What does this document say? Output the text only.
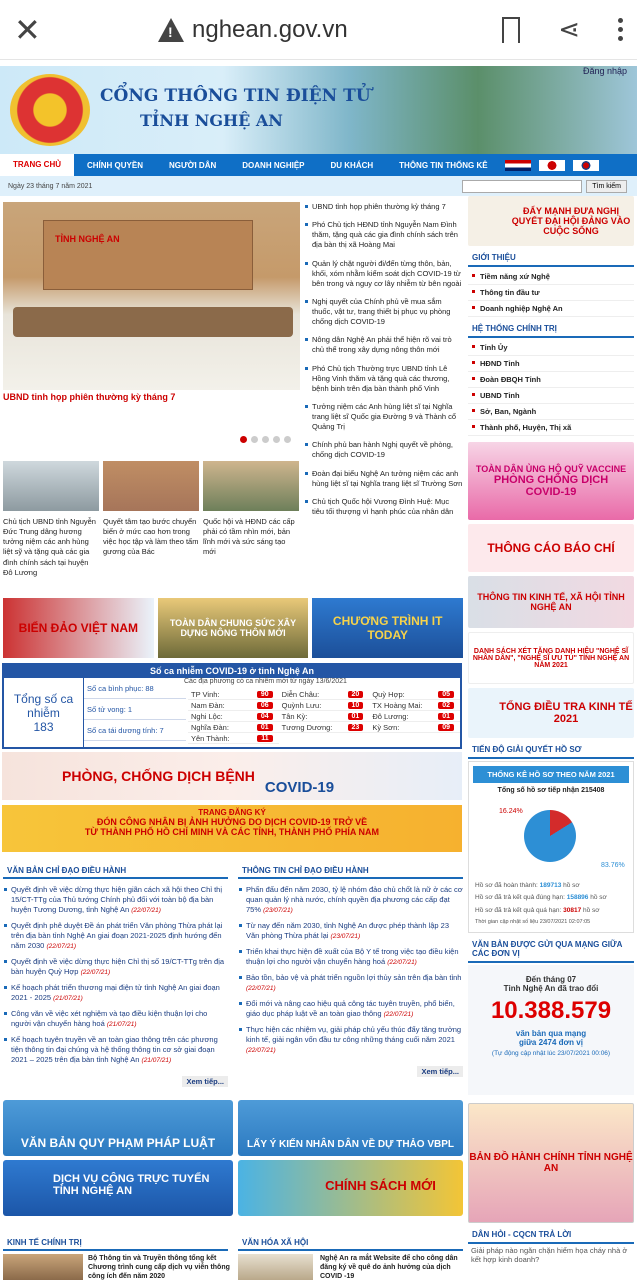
✕
!	nghean.gov.vn	⋖
CỔNG THÔNG TIN ĐIỆN TỬ
TỈNH NGHỆ AN
Đăng nhập
TRANG CHỦ	CHÍNH QUYỀN	NGƯỜI DÂN	DOANH NGHIỆP	DU KHÁCH	THÔNG TIN THỐNG KÊ
Ngày 23 tháng 7 năm 2021	Tìm kiếm
TỈNH NGHỆ AN
UBND tỉnh họp phiên thường kỳ tháng 7

Chủ tịch UBND tỉnh Nguyễn Đức Trung dâng hương tưởng niệm các anh hùng liệt sỹ và tặng quà các gia đình chính sách tại huyện Đô Lương

Quyết tâm tạo bước chuyển biến ở mức cao hơn trong việc học tập và làm theo tấm gương của Bác

Quốc hội và HĐND các cấp phải có tầm nhìn mới, bản lĩnh mới và sức sáng tạo mới

UBND tỉnh họp phiên thường kỳ tháng 7
Phó Chủ tịch HĐND tỉnh Nguyễn Nam Đình thăm, tặng quà các gia đình chính sách trên địa bàn thị xã Hoàng Mai
Quản lý chặt người đi/đến từng thôn, bản, khối, xóm nhằm kiểm soát dịch COVID-19 từ bên trong và nguy cơ lây nhiễm từ bên ngoài
Nghị quyết của Chính phủ về mua sắm thuốc, vật tư, trang thiết bị phục vụ phòng chống dịch COVID-19
Nông dân Nghệ An phải thể hiện rõ vai trò chủ thể trong xây dựng nông thôn mới
Phó Chủ tịch Thường trực UBND tỉnh Lê Hồng Vinh thăm và tặng quà các thương, bệnh binh trên địa bàn thành phố Vinh
Tưởng niệm các Anh hùng liệt sĩ tại Nghĩa trang liệt sĩ Quốc gia Đường 9 và Thành cổ Quảng Trị
Chính phủ ban hành Nghị quyết về phòng, chống dịch COVID-19
Đoàn đại biểu Nghệ An tưởng niệm các anh hùng liệt sĩ tại Nghĩa trang liệt sĩ Trường Sơn
Chủ tịch Quốc hội Vương Đình Huệ: Mục tiêu tối thượng vì hạnh phúc của nhân dân
ĐẨY MẠNH ĐƯA NGHỊ QUYẾT ĐẠI HỘI ĐẢNG VÀO CUỘC SỐNG
GIỚI THIỆU
Tiềm năng xứ Nghệ
Thông tin đầu tư
Doanh nghiệp Nghệ An
HỆ THỐNG CHÍNH TRỊ
Tỉnh Ủy
HĐND Tỉnh
Đoàn ĐBQH Tỉnh
UBND Tỉnh
Sở, Ban, Ngành
Thành phố, Huyện, Thị xã
TOÀN DÂN ỦNG HỘ QUỸ VACCINE
PHÒNG CHỐNG DỊCH
COVID-19
THÔNG CÁO BÁO CHÍ
THÔNG TIN KINH TẾ, XÃ HỘI TỈNH NGHỆ AN
DANH SÁCH XÉT TẶNG DANH HIỆU "NGHỆ SĨ NHÂN DÂN", "NGHỆ SĨ ƯU TÚ" TỈNH NGHỆ AN NĂM 2021
TỔNG ĐIỀU TRA KINH TẾ 2021
TIẾN ĐỘ GIẢI QUYẾT HỒ SƠ
THỐNG KÊ HỒ SƠ THEO NĂM 2021
Tổng số hồ sơ tiếp nhận 215408
16.24%
83.76%
Hồ sơ đã hoàn thành: 189713 hồ sơ
Hồ sơ đã trả kết quả đúng hạn: 158896 hồ sơ
Hồ sơ đã trả kết quả quá hạn: 30817 hồ sơ
Thời gian cập nhật số liệu 23/07/2021 02:07:05
VĂN BẢN ĐƯỢC GỬI QUA MẠNG GIỮA CÁC ĐƠN VỊ
Đến tháng 07
Tỉnh Nghệ An đã trao đổi
10.388.579
văn bản qua mạng
giữa 2474 đơn vị
(Tự động cập nhật lúc 23/07/2021 00:06)
BẢN ĐỒ HÀNH CHÍNH TỈNH NGHỆ AN
DÂN HỎI - CQCN TRẢ LỜI
Giải pháp nào ngăn chặn hiểm họa cháy nhà ở kết hợp kinh doanh?
BIỂN ĐẢO VIỆT NAM	TOÀN DÂN CHUNG SỨC XÂY DỰNG NÔNG THÔN MỚI
CHƯƠNG TRÌNH IT TODAY
Số ca nhiễm COVID-19 ở tỉnh Nghệ An
Các địa phương có ca nhiễm mới từ ngày 13/6/2021
Tổng số ca nhiễm
183
Số ca bình phục: 88
Số tử vong: 1
Số ca tái dương tính: 7
TP Vinh:	90	Diễn Châu:	20	Quỳ Hợp:	05
Nam Đàn:	06	Quỳnh Lưu:	10	TX Hoàng Mai:	02
Nghi Lộc:	04	Tân Kỳ:	01	Đô Lương:	01
Nghĩa Đàn:	01	Tương Dương:	23	Kỳ Sơn:	09
Yên Thành:	11
PHÒNG, CHỐNG DỊCH BỆNH
COVID-19
TRANG ĐĂNG KÝ
ĐÓN CÔNG NHÂN BỊ ẢNH HƯỞNG DO DỊCH COVID-19 TRỞ VỀ
TỪ THÀNH PHỐ HỒ CHÍ MINH VÀ CÁC TỈNH, THÀNH PHỐ PHÍA NAM
VĂN BẢN CHỈ ĐẠO ĐIỀU HÀNH
Quyết định về việc dừng thực hiện giãn cách xã hội theo Chỉ thị 15/CT-TTg của Thủ tướng Chính phủ đối với toàn bộ địa bàn huyện Tương Dương, tỉnh Nghệ An (22/07/21)
Quyết định phê duyệt Đề án phát triển Văn phòng Thừa phát lại trên địa bàn tỉnh Nghệ An giai đoạn 2021-2025 định hướng đến năm 2030 (22/07/21)
Quyết định về việc dừng thực hiện Chỉ thị số 19/CT-TTg trên địa bàn huyện Quỳ Hợp (22/07/21)
Kế hoạch phát triển thương mại điện tử tỉnh Nghệ An giai đoạn 2021 - 2025 (21/07/21)
Công văn về việc xét nghiệm và tạo điều kiện thuận lợi cho người vận chuyển hàng hoá (21/07/21)
Kế hoạch tuyên truyền về an toàn giao thông trên các phương tiện thông tin đại chúng và hệ thống thông tin cơ sở giai đoạn 2021 – 2025 trên địa bàn tỉnh Nghệ An (21/07/21)
Xem tiếp...
THÔNG TIN CHỈ ĐẠO ĐIỀU HÀNH
Phấn đấu đến năm 2030, tỷ lệ nhóm đảo chủ chốt là nữ ở các cơ quan quản lý nhà nước, chính quyền địa phương các cấp đạt 75% (23/07/21)
Từ nay đến năm 2030, tỉnh Nghệ An được phép thành lập 23 Văn phòng Thừa phát lại (23/07/21)
Triển khai thực hiện đề xuất của Bộ Y tế trong việc tạo điều kiện thuận lợi cho người vận chuyển hàng hoá (22/07/21)
Bảo tồn, bảo vệ và phát triển nguồn lợi thủy sản trên địa bàn tỉnh (22/07/21)
Đổi mới và nâng cao hiệu quả công tác tuyên truyền, phổ biến, giáo dục pháp luật về an toàn giao thông (22/07/21)
Thực hiện các nhiệm vụ, giải pháp chủ yếu thúc đẩy tăng trưởng kinh tế, giải ngân vốn đầu tư công những tháng cuối năm 2021 (22/07/21)
Xem tiếp...
VĂN BẢN QUY PHẠM PHÁP LUẬT	LẤY Ý KIẾN NHÂN DÂN VỀ DỰ THẢO VBPL
DỊCH VỤ CÔNG TRỰC TUYẾN TỈNH NGHỆ AN	CHÍNH SÁCH MỚI
KINH TẾ CHÍNH TRỊ	VĂN HÓA XÃ HỘI
Bộ Thông tin và Truyền thông tổng kết Chương trình cung cấp dịch vụ viễn thông công ích đến năm 2020
Nghệ An ra mắt Website để cho công dân đăng ký về quê do ảnh hưởng của dịch COVID -19
